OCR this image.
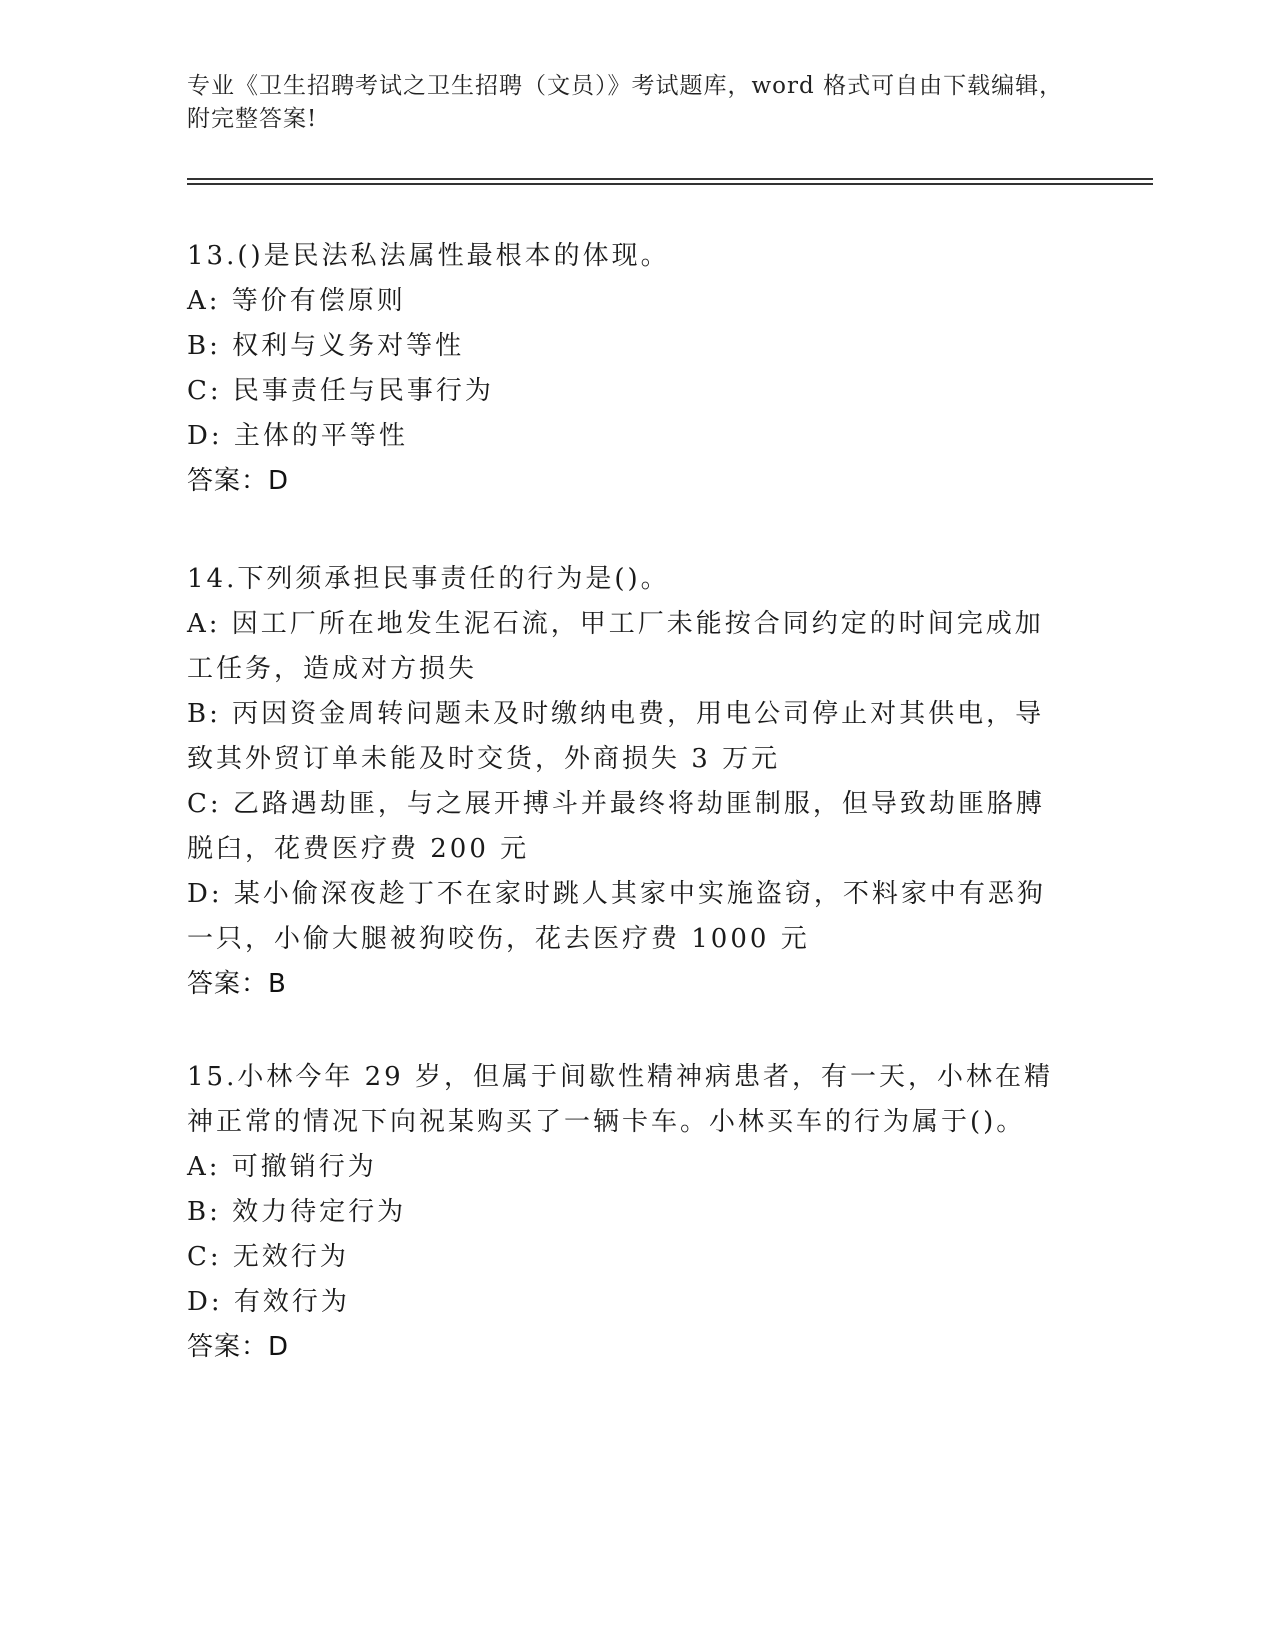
专业《卫生招聘考试之卫生招聘（文员）》考试题库，word 格式可自由下载编辑，附完整答案!
13.()是民法私法属性最根本的体现。
A: 等价有偿原则
B: 权利与义务对等性
C: 民事责任与民事行为
D: 主体的平等性
答案：D
14.下列须承担民事责任的行为是()。
A: 因工厂所在地发生泥石流，甲工厂未能按合同约定的时间完成加工任务，造成对方损失
B: 丙因资金周转问题未及时缴纳电费，用电公司停止对其供电，导致其外贸订单未能及时交货，外商损失 3 万元
C: 乙路遇劫匪，与之展开搏斗并最终将劫匪制服，但导致劫匪胳膊脱臼，花费医疗费 200 元
D: 某小偷深夜趁丁不在家时跳人其家中实施盗窃，不料家中有恶狗一只，小偷大腿被狗咬伤，花去医疗费 1000 元
答案：B
15.小林今年 29 岁，但属于间歇性精神病患者，有一天，小林在精神正常的情况下向祝某购买了一辆卡车。小林买车的行为属于()。
A: 可撤销行为
B: 效力待定行为
C: 无效行为
D: 有效行为
答案：D
